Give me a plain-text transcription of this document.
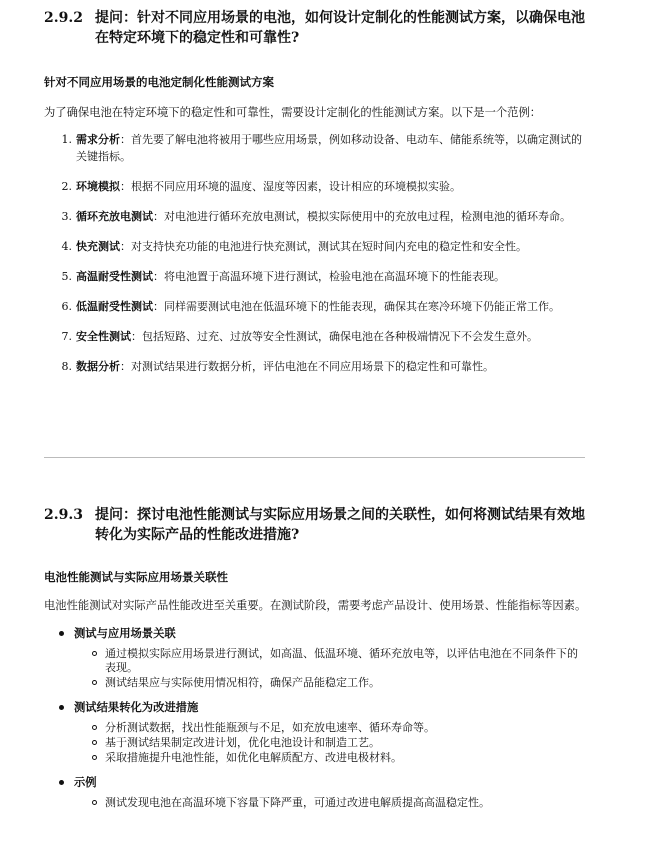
2.9.2 提问：针对不同应用场景的电池，如何设计定制化的性能测试方案，以确保电池在特定环境下的稳定性和可靠性?
针对不同应用场景的电池定制化性能测试方案
为了确保电池在特定环境下的稳定性和可靠性，需要设计定制化的性能测试方案。以下是一个范例：
1 . 需求分析：首先要了解电池将被用于哪些应用场景，例如移动设备、电动车、储能系统等，以确定测试的关键指标。
2 . 环境模拟：根据不同应用环境的温度、湿度等因素，设计相应的环境模拟实验。
3 . 循环充放电测试：对电池进行循环充放电测试，模拟实际使用中的充放电过程，检测电池的循环寿命。
4 . 快充测试：对支持快充功能的电池进行快充测试，测试其在短时间内充电的稳定性和安全性。
5 . 高温耐受性测试：将电池置于高温环境下进行测试，检验电池在高温环境下的性能表现。
6 . 低温耐受性测试：同样需要测试电池在低温环境下的性能表现，确保其在寒冷环境下仍能正常工作。
7 . 安全性测试：包括短路、过充、过放等安全性测试，确保电池在各种极端情况下不会发生意外。
8 . 数据分析：对测试结果进行数据分析，评估电池在不同应用场景下的稳定性和可靠性。
2.9.3 提问：探讨电池性能测试与实际应用场景之间的关联性，如何将测试结果有效地转化为实际产品的性能改进措施?
电池性能测试与实际应用场景关联性
电池性能测试对实际产品性能改进至关重要。在测试阶段，需要考虑产品设计、使用场景、性能指标等因素。
测试与应用场景关联
通过模拟实际应用场景进行测试，如高温、低温环境、循环充放电等，以评估电池在不同条件下的表现。
测试结果应与实际使用情况相符，确保产品能稳定工作。
测试结果转化为改进措施
分析测试数据，找出性能瓶颈与不足，如充放电速率、循环寿命等。
基于测试结果制定改进计划，优化电池设计和制造工艺。
采取措施提升电池性能，如优化电解质配方、改进电极材料。
示例
测试发现电池在高温环境下容量下降严重，可通过改进电解质提高高温稳定性。
